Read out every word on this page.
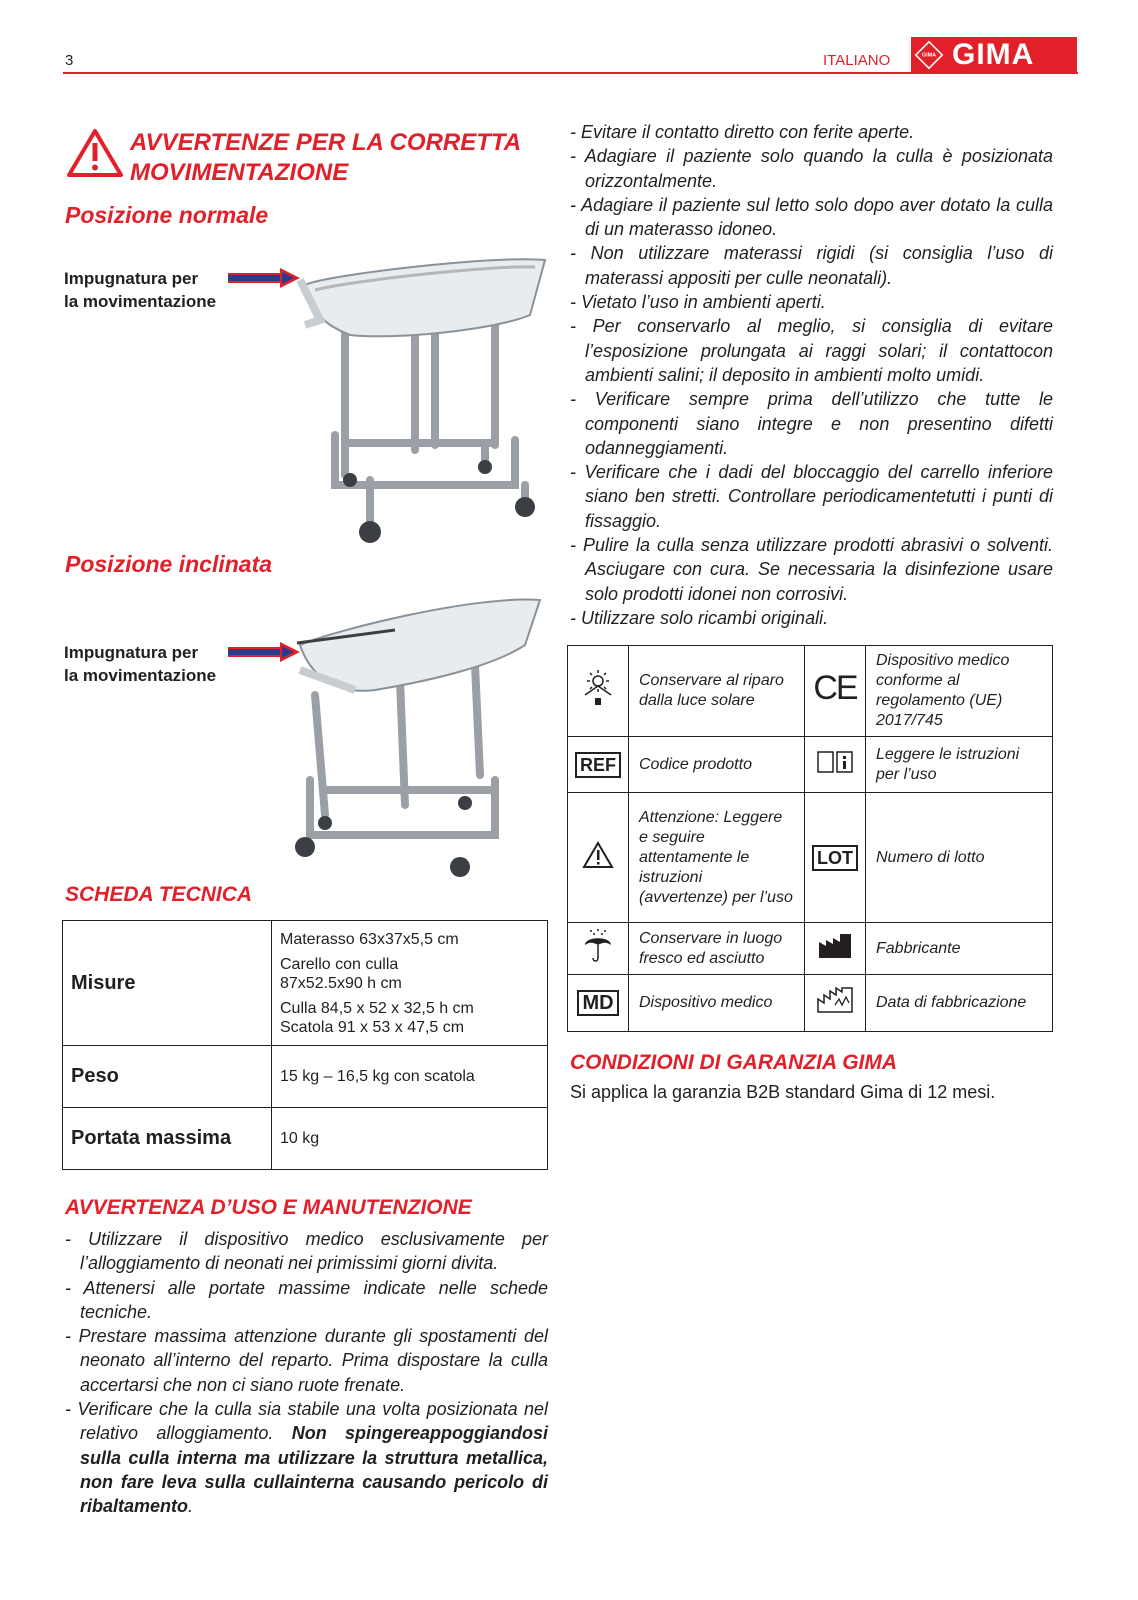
3	ITALIANO	GIMA GIMA
AVVERTENZE PER LA CORRETTA
MOVIMENTAZIONE
Posizione normale
Impugnatura per
la movimentazione
Posizione inclinata
Impugnatura per
la movimentazione
SCHEDA TECNICA
Misure	Materasso 63x37x5,5 cm
Carello con culla
87x52.5x90 h cm
Culla 84,5 x 52 x 32,5 h cm
Scatola 91 x 53 x 47,5 cm

Peso	15 kg – 16,5 kg con scatola
Portata massima	10 kg
AVVERTENZA D’USO E MANUTENZIONE
- Utilizzare il dispositivo medico esclusivamente per l’alloggiamento di neonati nei primissimi giorni divita.
- Attenersi alle portate massime indicate nelle schede tecniche.
- Prestare massima attenzione durante gli spostamenti del neonato all’interno del reparto. Prima dispostare la culla accertarsi che non ci siano ruote frenate.
- Verificare che la culla sia stabile una volta posizionata nel relativo alloggiamento. Non spingereappoggiandosi sulla culla interna ma utilizzare la struttura metallica, non fare leva sulla cullainterna causando pericolo di ribaltamento.
- Evitare il contatto diretto con ferite aperte.
- Adagiare il paziente solo quando la culla è posizionata orizzontalmente.
- Adagiare il paziente sul letto solo dopo aver dotato la culla di un materasso idoneo.
- Non utilizzare materassi rigidi (si consiglia l’uso di materassi appositi per culle neonatali).
- Vietato l’uso in ambienti aperti.
- Per conservarlo al meglio, si consiglia di evitare l’esposizione prolungata ai raggi solari; il contattocon ambienti salini; il deposito in ambienti molto umidi.
- Verificare sempre prima dell’utilizzo che tutte le componenti siano integre e non presentino difetti odanneggiamenti.
- Verificare che i dadi del bloccaggio del carrello inferiore siano ben stretti. Controllare periodicamentetutti i punti di fissaggio.
- Pulire la culla senza utilizzare prodotti abrasivi o solventi. Asciugare con cura. Se necessaria la disinfezione usare solo prodotti idonei non corrosivi.
- Utilizzare solo ricambi originali.
	Conservare al riparo dalla luce solare	CE	Dispositivo medico conforme al regolamento (UE) 2017/745
REF	Codice prodotto		Leggere le istruzioni per l’uso
	Attenzione: Leggere e seguire attentamente le istruzioni (avvertenze) per l’uso	LOT	Numero di lotto
	Conservare in luogo fresco ed asciutto		Fabbricante
MD	Dispositivo medico		Data di fabbricazione
CONDIZIONI DI GARANZIA GIMA
Si applica la garanzia B2B standard Gima di 12 mesi.
